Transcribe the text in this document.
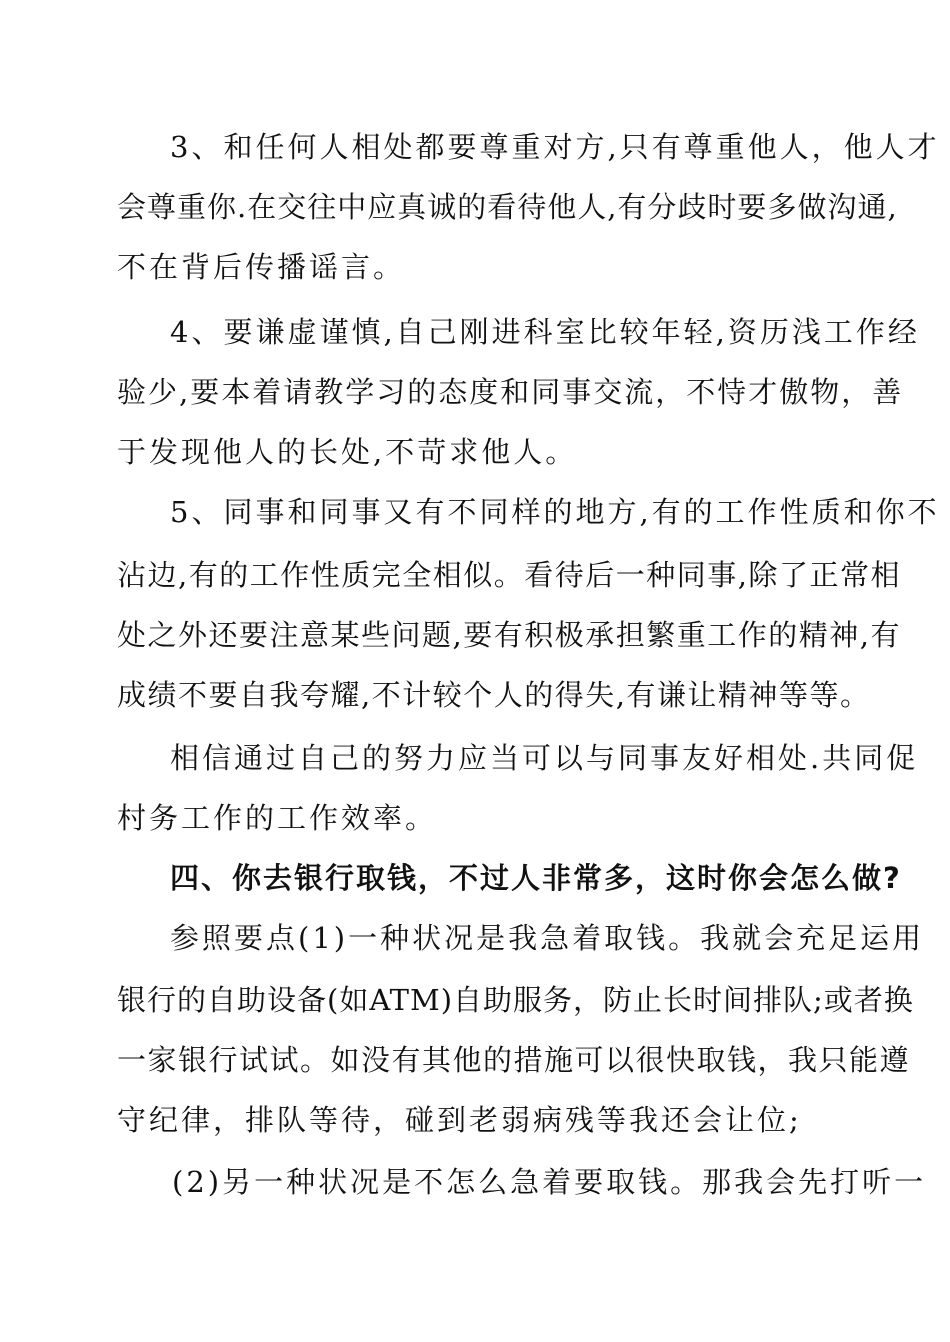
3、和任何人相处都要尊重对方,只有尊重他人，他人才
会尊重你.在交往中应真诚的看待他人,有分歧时要多做沟通,
不在背后传播谣言。
4、要谦虚谨慎,自己刚进科室比较年轻,资历浅工作经
验少,要本着请教学习的态度和同事交流，不恃才傲物，善
于发现他人的长处,不苛求他人。
5、同事和同事又有不同样的地方,有的工作性质和你不
沾边,有的工作性质完全相似。看待后一种同事,除了正常相
处之外还要注意某些问题,要有积极承担繁重工作的精神,有
成绩不要自我夸耀,不计较个人的得失,有谦让精神等等。
相信通过自己的努力应当可以与同事友好相处.共同促
村务工作的工作效率。
四、你去银行取钱，不过人非常多，这时你会怎么做?
参照要点(1)一种状况是我急着取钱。我就会充足运用
银行的自助设备(如ATM)自助服务，防止长时间排队;或者换
一家银行试试。如没有其他的措施可以很快取钱，我只能遵
守纪律，排队等待，碰到老弱病残等我还会让位;
(2)另一种状况是不怎么急着要取钱。那我会先打听一
